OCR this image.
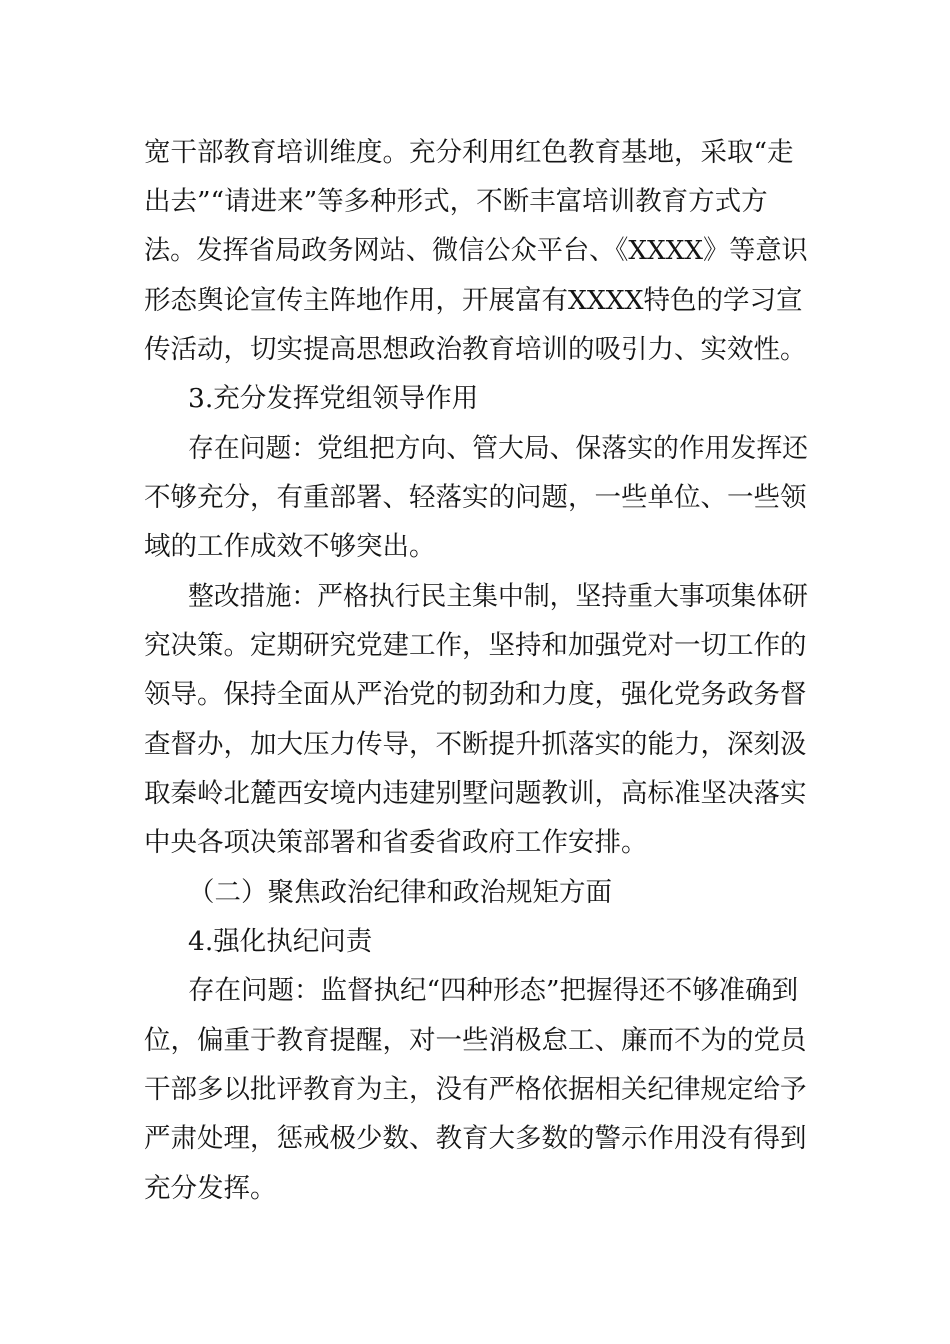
宽干部教育培训维度。充分利用红色教育基地，采取“走
出去”“请进来”等多种形式，不断丰富培训教育方式方
法。发挥省局政务网站、微信公众平台、《XXXX》等意识
形态舆论宣传主阵地作用，开展富有XXXX特色的学习宣
传活动，切实提高思想政治教育培训的吸引力、实效性。
3.充分发挥党组领导作用
存在问题：党组把方向、管大局、保落实的作用发挥还
不够充分，有重部署、轻落实的问题，一些单位、一些领
域的工作成效不够突出。
整改措施：严格执行民主集中制，坚持重大事项集体研
究决策。定期研究党建工作，坚持和加强党对一切工作的
领导。保持全面从严治党的韧劲和力度，强化党务政务督
查督办，加大压力传导，不断提升抓落实的能力，深刻汲
取秦岭北麓西安境内违建别墅问题教训，高标准坚决落实
中央各项决策部署和省委省政府工作安排。
（二）聚焦政治纪律和政治规矩方面
4.强化执纪问责
存在问题：监督执纪“四种形态”把握得还不够准确到
位，偏重于教育提醒，对一些消极怠工、廉而不为的党员
干部多以批评教育为主，没有严格依据相关纪律规定给予
严肃处理，惩戒极少数、教育大多数的警示作用没有得到
充分发挥。
